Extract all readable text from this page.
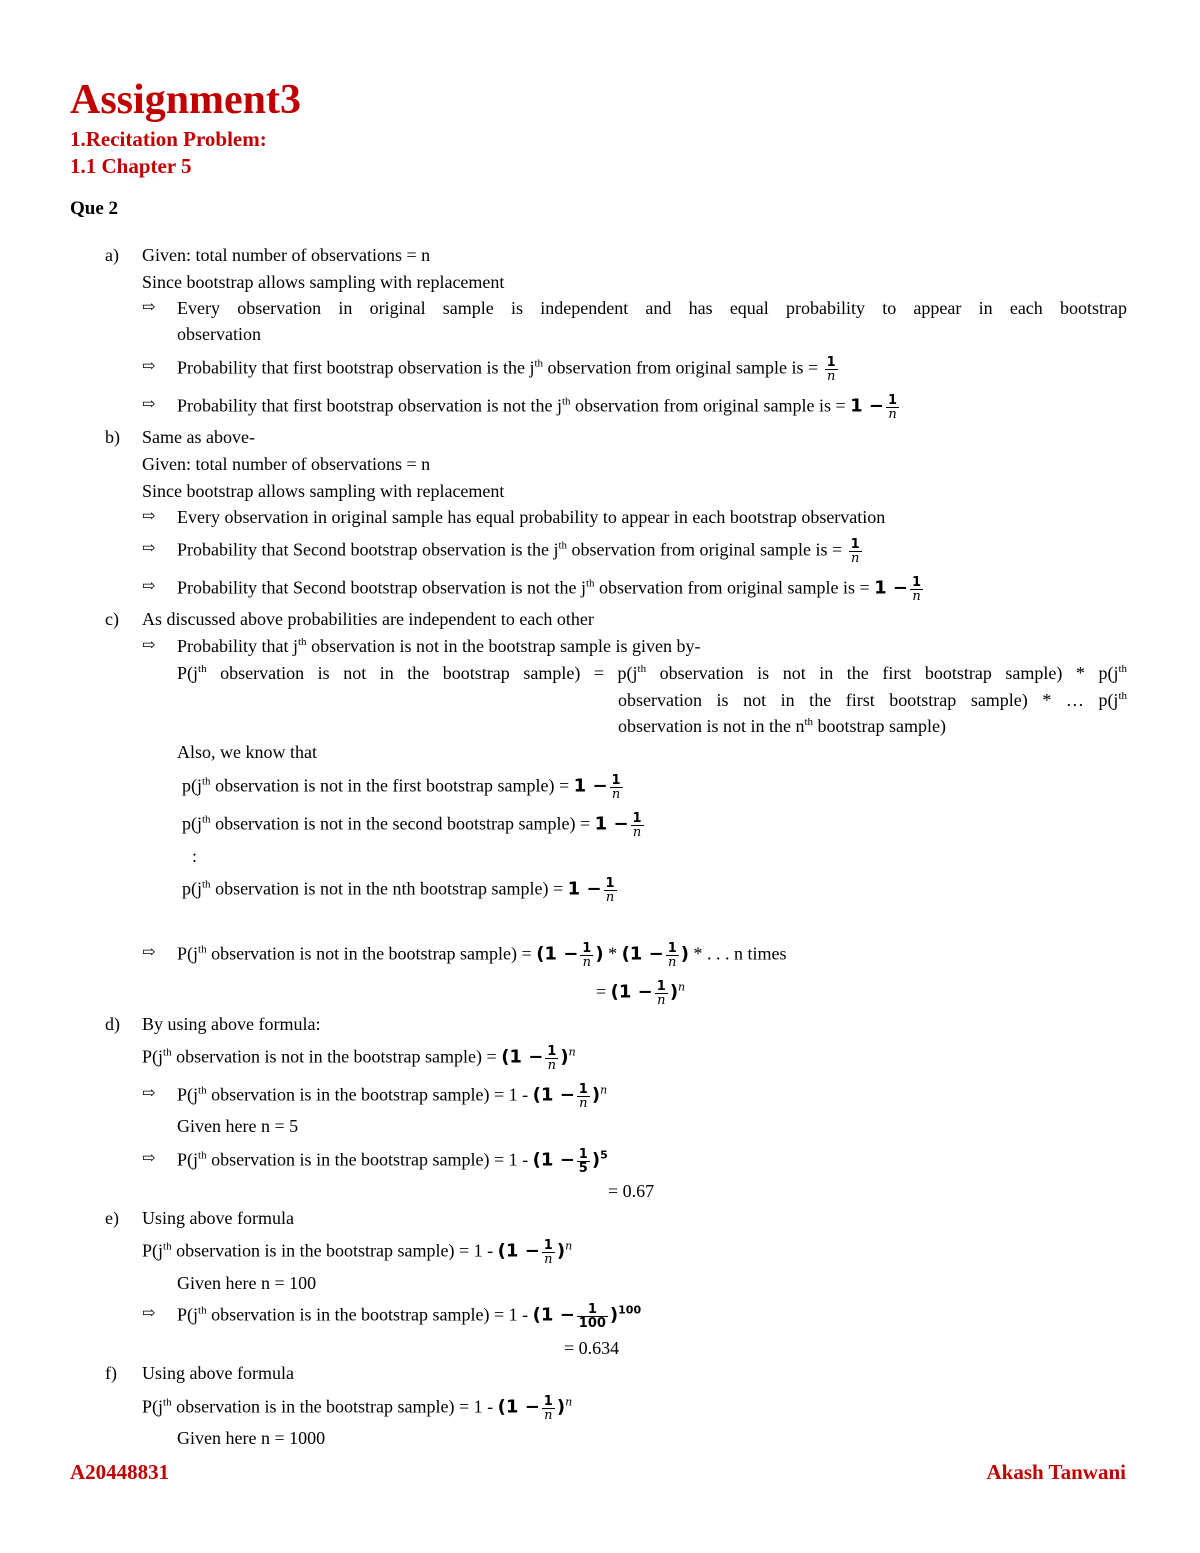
Assignment3
1.Recitation Problem:
1.1 Chapter 5
Que 2
a) Given: total number of observations = n
Since bootstrap allows sampling with replacement
⇨ Every observation in original sample is independent and has equal probability to appear in each bootstrap
observation
⇨ Probability that first bootstrap observation is the $j^{th}$ observation from original sample is = $\frac{1}{n}$
⇨ Probability that first bootstrap observation is not the $j^{th}$ observation from original sample is = $1 - \frac{1}{n}$
b) Same as above-
Given: total number of observations = n
Since bootstrap allows sampling with replacement
⇨ Every observation in original sample has equal probability to appear in each bootstrap observation
⇨ Probability that Second bootstrap observation is the $j^{th}$ observation from original sample is = $\frac{1}{n}$
⇨ Probability that Second bootstrap observation is not the $j^{th}$ observation from original sample is = $1 - \frac{1}{n}$
c) As discussed above probabilities are independent to each other
⇨ Probability that $j^{th}$ observation is not in the bootstrap sample is given by-
$P(j^{th}$ observation is not in the bootstrap sample) = $p(j^{th}$ observation is not in the first bootstrap sample) * $p(j^{th}$
observation is not in the first bootstrap sample) * … $p(j^{th}$
observation is not in the $n^{th}$ bootstrap sample)
Also, we know that
$p(j^{th}$ observation is not in the first bootstrap sample) = $1 - \frac{1}{n}$
$p(j^{th}$ observation is not in the second bootstrap sample) = $1 - \frac{1}{n}$
:
$p(j^{th}$ observation is not in the nth bootstrap sample) = $1 - \frac{1}{n}$
⇨ $P(j^{th}$ observation is not in the bootstrap sample) = ($1 - \frac{1}{n}$ ) * ($1 - \frac{1}{n}$ ) * . . . n times
= $(1 - \frac{1}{n} )^n$
d) By using above formula:
$P(j^{th}$ observation is not in the bootstrap sample) = $(1 - \frac{1}{n} )^n$
⇨ $P(j^{th}$ observation is in the bootstrap sample) = $1 - (1 - \frac{1}{n} )^n$
Given here n = 5
⇨ $P(j^{th}$ observation is in the bootstrap sample) = $1 - (1 - \frac{1}{5} )^5$
= 0.67
e) Using above formula
$P(j^{th}$ observation is in the bootstrap sample) = $1 - (1 - \frac{1}{n} )^n$
Given here n = 100
⇨ $P(j^{th}$ observation is in the bootstrap sample) = $1 - (1 - \frac{1}{100} )^{100}$
= 0.634
f) Using above formula
$P(j^{th}$ observation is in the bootstrap sample) = $1 - (1 - \frac{1}{n} )^n$
Given here n = 1000
A20448831	Akash Tanwani
